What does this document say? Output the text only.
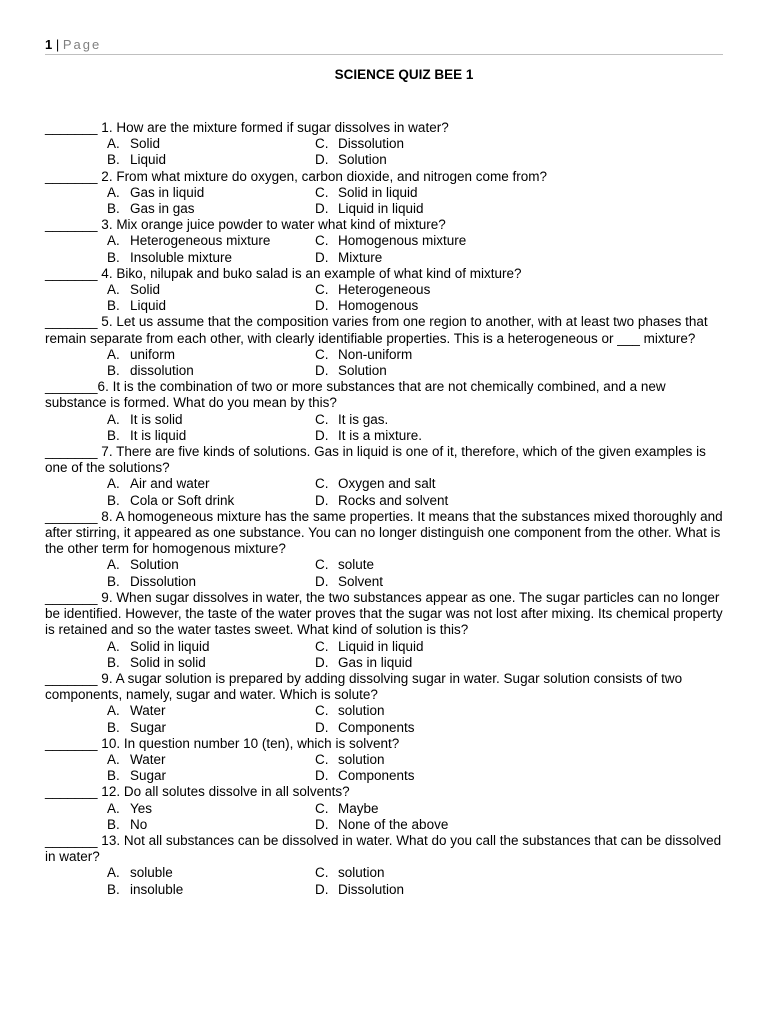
1 | Page
SCIENCE QUIZ BEE 1
_______ 1. How are the mixture formed if sugar dissolves in water?
A. Solid	C. Dissolution
B. Liquid	D. Solution
_______ 2. From what mixture do oxygen, carbon dioxide, and nitrogen come from?
A. Gas in liquid	C. Solid in liquid
B. Gas in gas	D. Liquid in liquid
_______ 3. Mix orange juice powder to water what kind of mixture?
A. Heterogeneous mixture	C. Homogenous mixture
B. Insoluble mixture	D. Mixture
_______ 4. Biko, nilupak and buko salad is an example of what kind of mixture?
A. Solid	C. Heterogeneous
B. Liquid	D. Homogenous
_______ 5. Let us assume that the composition varies from one region to another, with at least two phases that remain separate from each other, with clearly identifiable properties. This is a heterogeneous or ___ mixture?
A. uniform	C. Non-uniform
B. dissolution	D. Solution
_______6. It is the combination of two or more substances that are not chemically combined, and a new substance is formed. What do you mean by this?
A. It is solid	C. It is gas.
B. It is liquid	D. It is a mixture.
_______ 7. There are five kinds of solutions. Gas in liquid is one of it, therefore, which of the given examples is one of the solutions?
A. Air and water	C. Oxygen and salt
B. Cola or Soft drink	D. Rocks and solvent
_______ 8. A homogeneous mixture has the same properties. It means that the substances mixed thoroughly and after stirring, it appeared as one substance. You can no longer distinguish one component from the other. What is the other term for homogenous mixture?
A. Solution	C. solute
B. Dissolution	D. Solvent
_______ 9. When sugar dissolves in water, the two substances appear as one. The sugar particles can no longer be identified. However, the taste of the water proves that the sugar was not lost after mixing. Its chemical property is retained and so the water tastes sweet. What kind of solution is this?
A. Solid in liquid	C. Liquid in liquid
B. Solid in solid	D. Gas in liquid
_______ 9. A sugar solution is prepared by adding dissolving sugar in water. Sugar solution consists of two components, namely, sugar and water. Which is solute?
A. Water	C. solution
B. Sugar	D. Components
_______ 10. In question number 10 (ten), which is solvent?
A. Water	C. solution
B. Sugar	D. Components
_______ 12. Do all solutes dissolve in all solvents?
A. Yes	C. Maybe
B. No	D. None of the above
_______ 13. Not all substances can be dissolved in water. What do you call the substances that can be dissolved in water?
A. soluble	C. solution
B. insoluble	D. Dissolution
